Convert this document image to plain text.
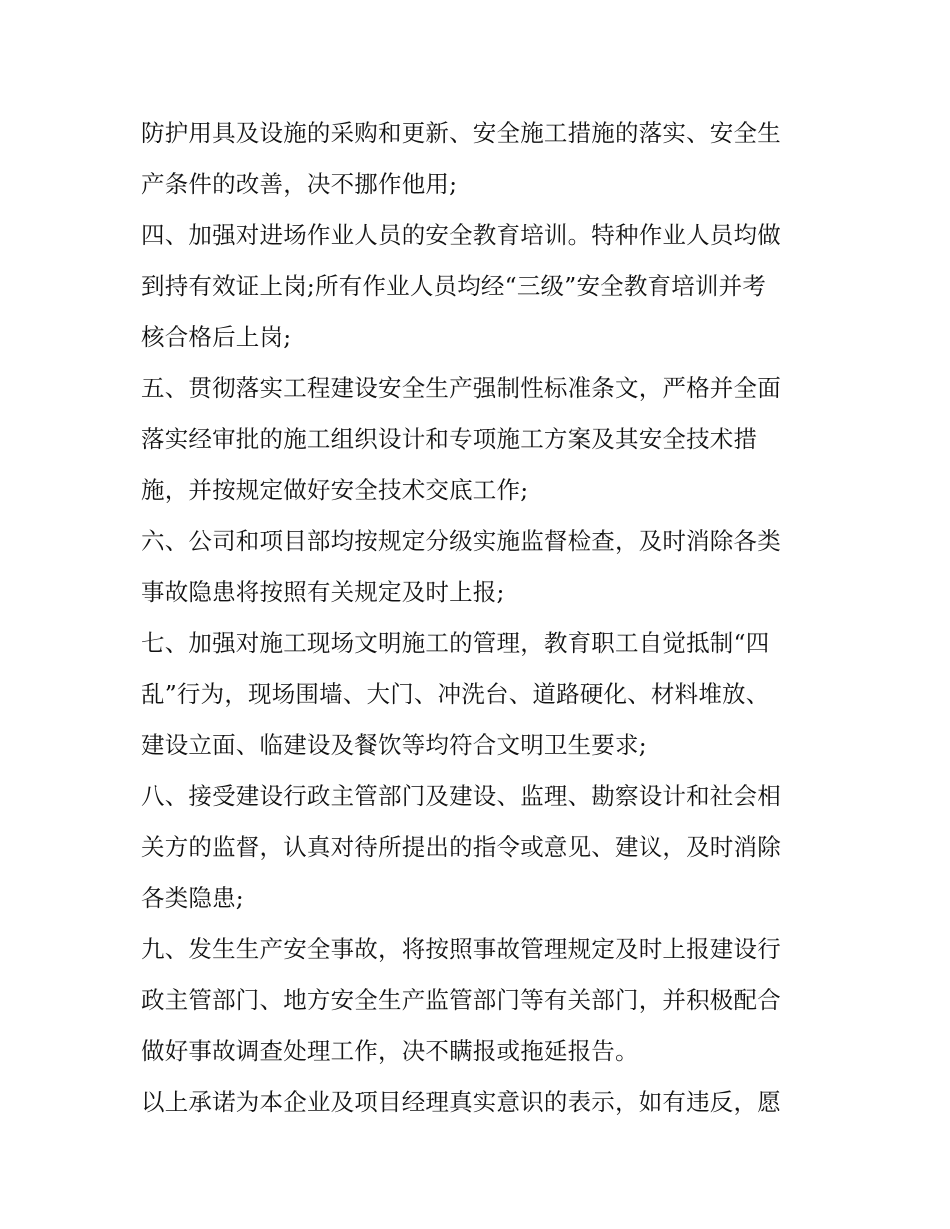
防护用具及设施的采购和更新、安全施工措施的落实、安全生
产条件的改善，决不挪作他用;
四、加强对进场作业人员的安全教育培训。特种作业人员均做
到持有效证上岗;所有作业人员均经“三级”安全教育培训并考
核合格后上岗;
五、贯彻落实工程建设安全生产强制性标准条文，严格并全面
落实经审批的施工组织设计和专项施工方案及其安全技术措
施，并按规定做好安全技术交底工作;
六、公司和项目部均按规定分级实施监督检查，及时消除各类
事故隐患将按照有关规定及时上报;
七、加强对施工现场文明施工的管理，教育职工自觉抵制“四
乱”行为，现场围墙、大门、冲洗台、道路硬化、材料堆放、
建设立面、临建设及餐饮等均符合文明卫生要求;
八、接受建设行政主管部门及建设、监理、勘察设计和社会相
关方的监督，认真对待所提出的指令或意见、建议，及时消除
各类隐患;
九、发生生产安全事故，将按照事故管理规定及时上报建设行
政主管部门、地方安全生产监管部门等有关部门，并积极配合
做好事故调查处理工作，决不瞒报或拖延报告。
以上承诺为本企业及项目经理真实意识的表示，如有违反，愿
